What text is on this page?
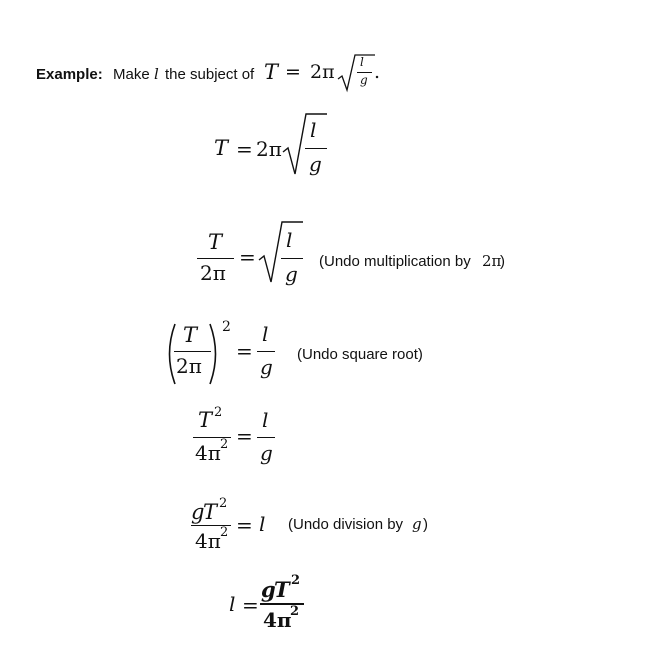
Example: Make l the subject of T = 2π l
g .
T = 2π
l
g
T
2π
=
l
g
(Undo multiplication by 2π
)
T
2π
2
=
l
g
(Undo square root)
T 2
4π 2 =
l
g
g
T 2
4π 2 = l (Undo division by g )
l =
g
T 2
4π
2
